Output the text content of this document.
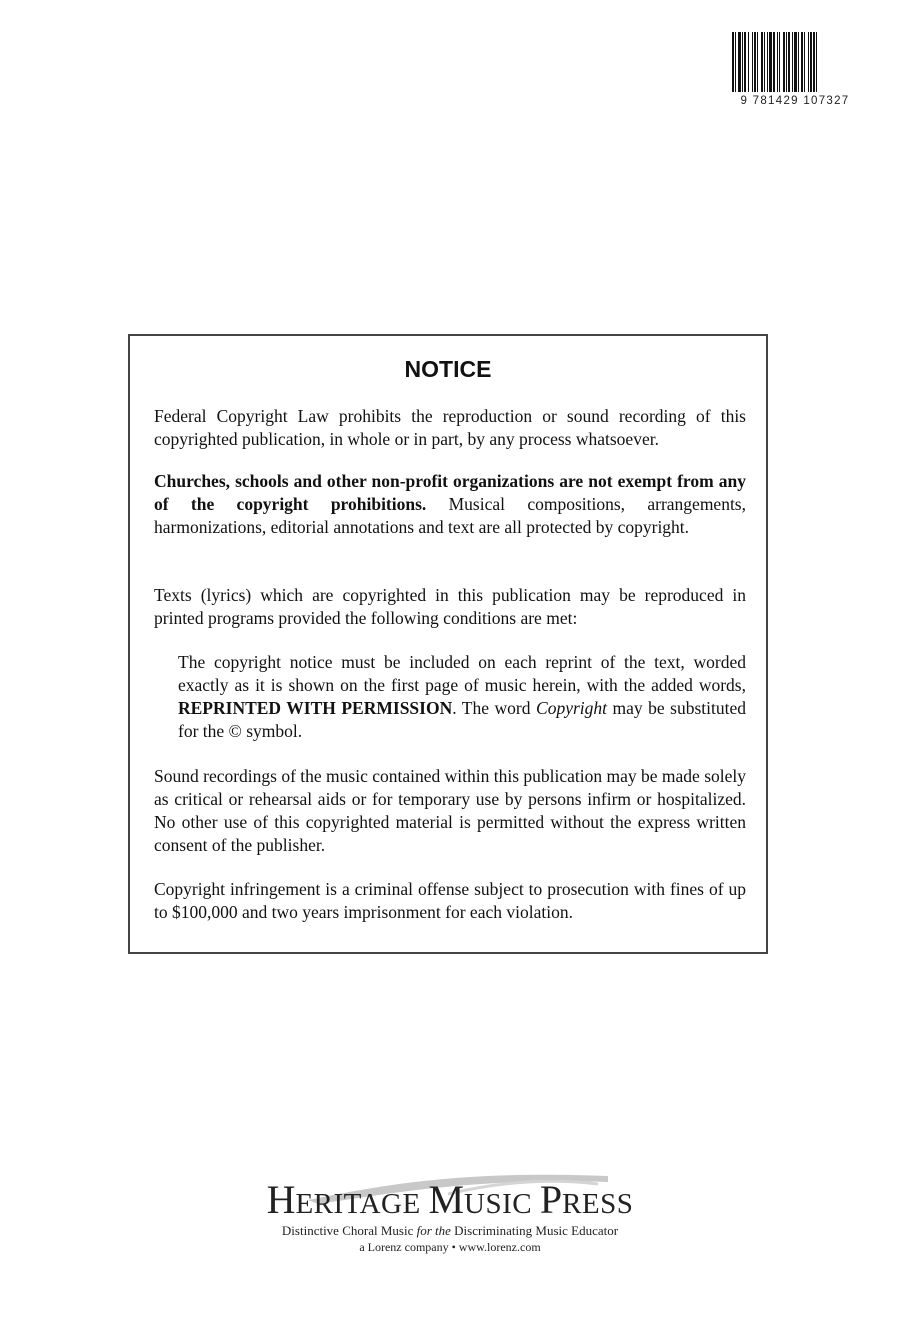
9 781429 107327
NOTICE

Federal Copyright Law prohibits the reproduction or sound recording of this copyrighted publication, in whole or in part, by any process whatsoever.

Churches, schools and other non-profit organizations are not exempt from any of the copyright prohibitions. Musical compositions, arrangements, harmonizations, editorial annotations and text are all protected by copyright.

Texts (lyrics) which are copyrighted in this publication may be reproduced in printed programs provided the following conditions are met:

The copyright notice must be included on each reprint of the text, worded exactly as it is shown on the first page of music herein, with the added words, REPRINTED WITH PERMISSION. The word Copyright may be substituted for the © symbol.

Sound recordings of the music contained within this publication may be made solely as critical or rehearsal aids or for temporary use by persons infirm or hospitalized. No other use of this copyrighted material is permitted without the express written consent of the publisher.

Copyright infringement is a criminal offense subject to prosecution with fines of up to $100,000 and two years imprisonment for each violation.

HERITAGE MUSIC PRESS
Distinctive Choral Music for the Discriminating Music Educator
a Lorenz company • www.lorenz.com
